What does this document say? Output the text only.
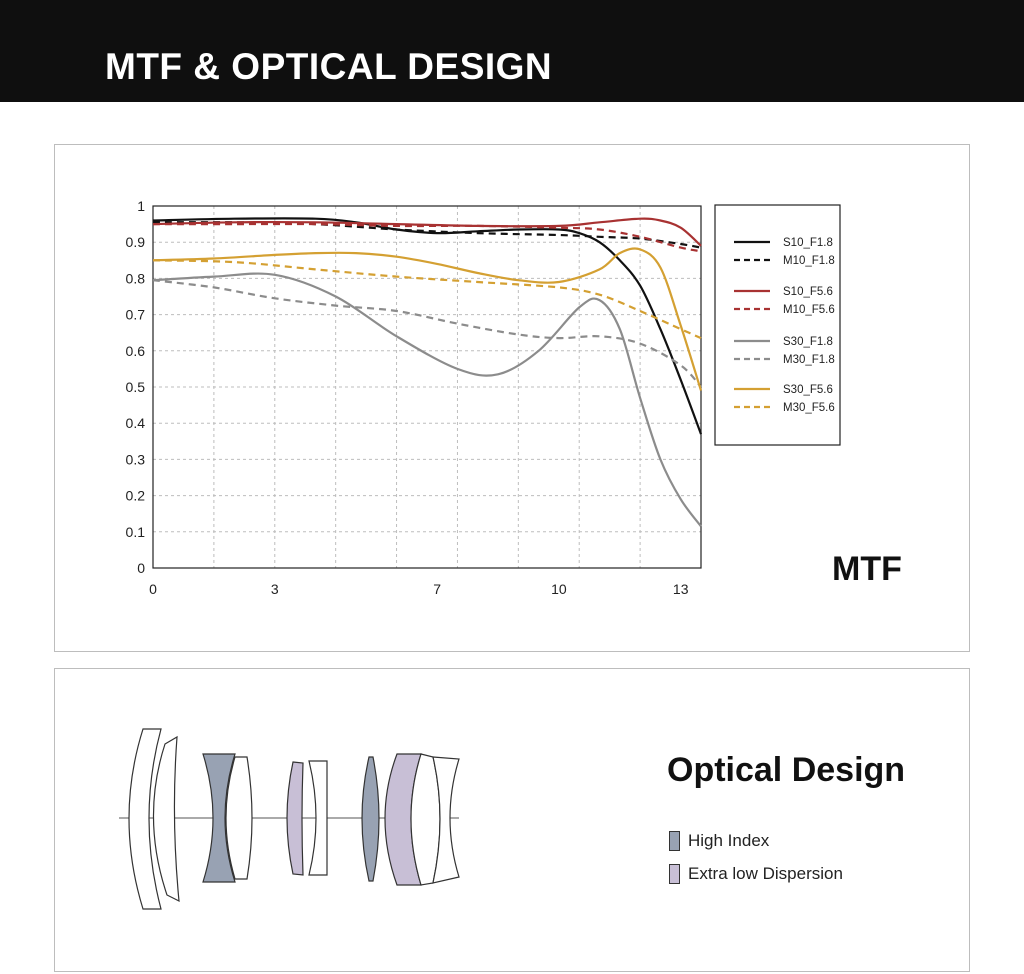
MTF & OPTICAL DESIGN
0
0.1
0.2
0.3
0.4
0.5
0.6
0.7
0.8
0.9
1
0	3	7	10	13
S10_F1.8
M10_F1.8
S10_F5.6
M10_F5.6
S30_F1.8
M30_F1.8
S30_F5.6
M30_F5.6
MTF
Optical Design
High Index
Extra low Dispersion
